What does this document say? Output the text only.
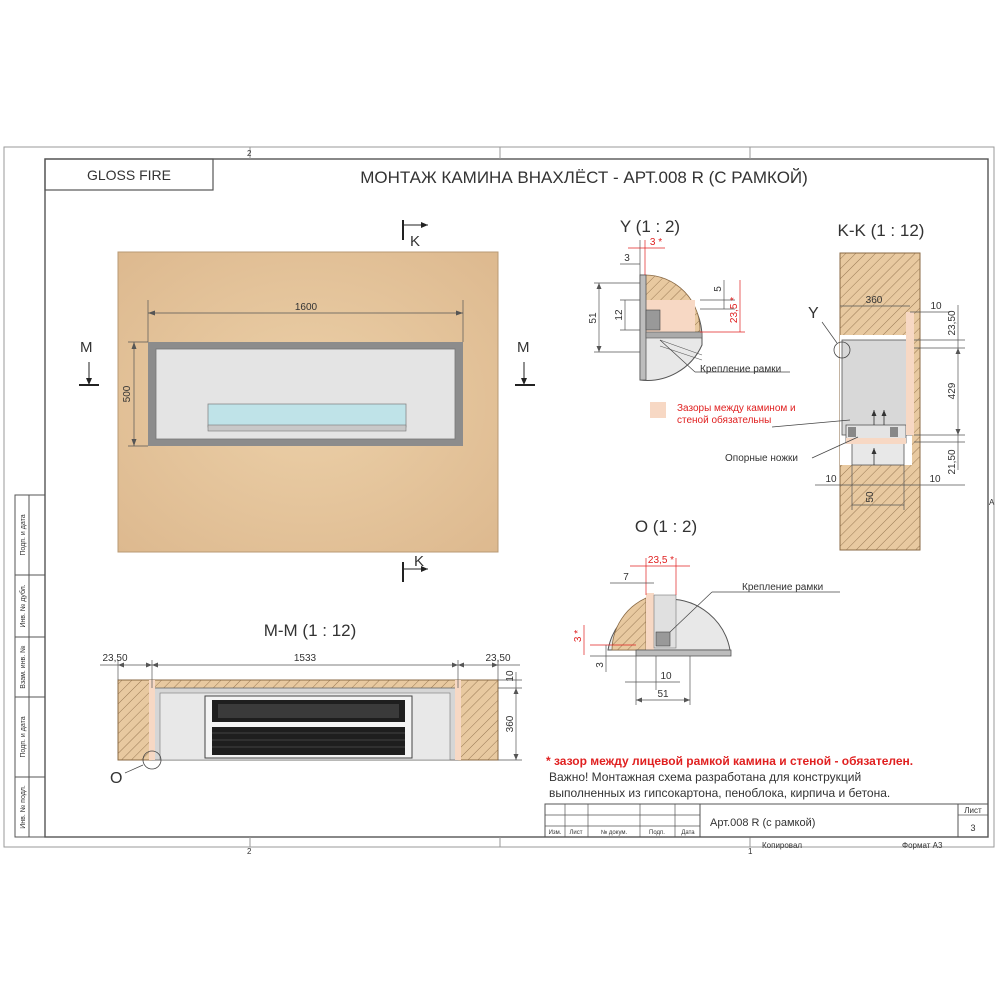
2
2	1
A
Подп. и дата
Инв. № дубл.
Взам. инв. №
Подп. и дата
Инв. № подл.
GLOSS FIRE	МОНТАЖ КАМИНА ВНАХЛЁСТ - АРТ.008 R (С РАМКОЙ)
1600
500
K
K
M	M
М-М (1 : 12)
23,50	1533	23,50
10
360
O
Y (1 : 2)
3 *
3
51 12
5
23,5 *
Крепление рамки
K-K (1 : 12)
360
10
23,50
429
21,50
10	10
50
Y
Зазоры между камином и
стеной обязательны
Опорные ножки
O (1 : 2)
23,5 *
7
3 *
3
10
51
Крепление рамки
* зазор между лицевой рамкой камина и стеной - обязателен.
Важно! Монтажная схема разработана для конструкций
выполненных из гипсокартона, пеноблока, кирпича и бетона.
Изм. Лист	№ докум.	Подп.	Дата
Арт.008 R (с рамкой)
Лист
3
Копировал	Формат А3
